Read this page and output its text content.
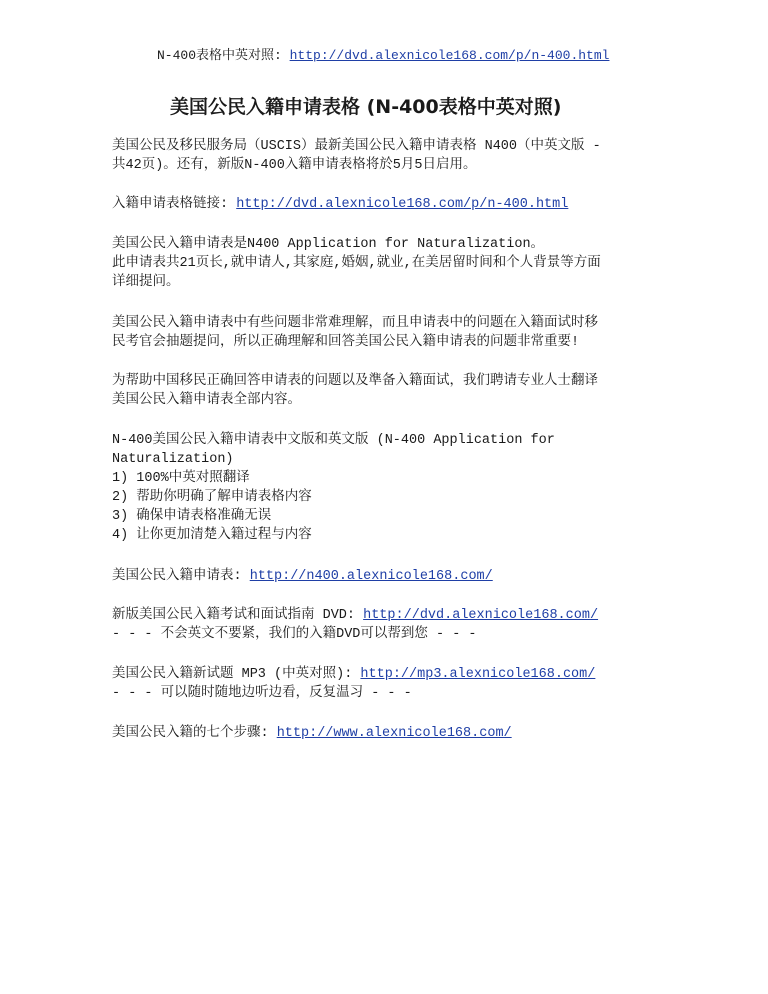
N-400表格中英对照: http://dvd.alexnicole168.com/p/n-400.html
美国公民入籍申请表格 (N-400表格中英对照)
美国公民及移民服务局（USCIS）最新美国公民入籍申请表格 N400（中英文版 -
共42页)。还有，新版N-400入籍申请表格将於5月5日启用。
入籍申请表格链接: http://dvd.alexnicole168.com/p/n-400.html
美国公民入籍申请表是N400 Application for Naturalization。
此申请表共21页长,就申请人,其家庭,婚姻,就业,在美居留时间和个人背景等方面
详细提问。
美国公民入籍申请表中有些问题非常难理解，而且申请表中的问题在入籍面试时移
民考官会抽题提问，所以正确理解和回答美国公民入籍申请表的问题非常重要!
为帮助中国移民正确回答申请表的问题以及準备入籍面试，我们聘请专业人士翻译
美国公民入籍申请表全部内容。
N-400美国公民入籍申请表中文版和英文版 (N-400 Application for
Naturalization)
1) 100%中英对照翻译
2) 帮助你明确了解申请表格内容
3) 确保申请表格准确无误
4) 让你更加清楚入籍过程与内容
美国公民入籍申请表: http://n400.alexnicole168.com/
新版美国公民入籍考试和面试指南 DVD: http://dvd.alexnicole168.com/
- - - 不会英文不要紧，我们的入籍DVD可以帮到您 - - -
美国公民入籍新试题 MP3 (中英对照): http://mp3.alexnicole168.com/
- - - 可以随时随地边听边看，反复温习 - - -
美国公民入籍的七个步骤: http://www.alexnicole168.com/
